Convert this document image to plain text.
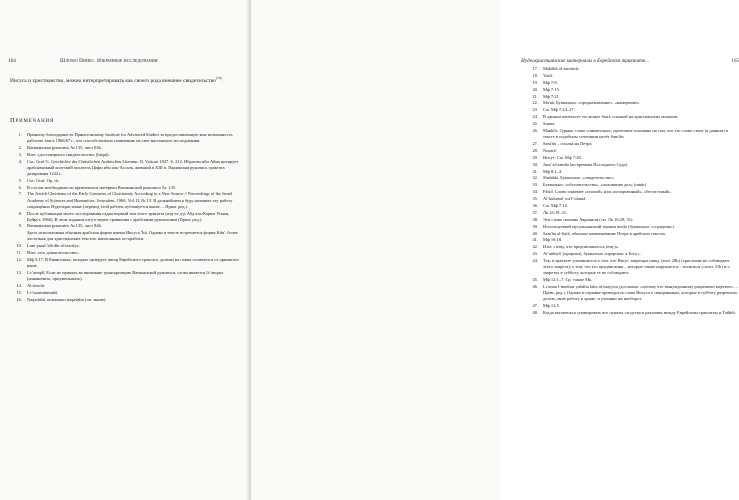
164	Шломо Пинес. Избранные исследования

Иисуса и христианство, можно интерпретировать как своего рода внешнее свидетельство$^{(78)}$.

Примечания
1.	Приношу благодарность Принстонскому Institute for Advanced Studies за предоставленную мне возможность работать там в 1966/67 г., что способствовало появлению на свет настоящего исследования.
2.	Ватиканская рукопись Ar.135, лист 84b.
3.	Или: «достоверного свидетельства» (bāqal).
4.	См.: Graf G. Geschichte der Christlichen Arabischen Literatur. II, Vatican 1947. S. 212. Ибрагим ибн Айна цитирует арабоязычный коптский писатель Цифи ибн аль-Ассаль, живший в XIII в. Парижская рукопись трактата датирована 1222 г.
5.	См.: Graf. Op. cit.
6.	В случае необходимости привлекался материал Ватиканской рукописи Ar. 135.
7.	The Jewish Christians of the Early Centuries of Christianity According to a New Source // Proceedings of the Israel Academy of Sciences and Humanities. Jerusalem, 1966. Vol. II, № 13. В дальнейшем я буду называть эту работу сокращённо Иудеохристиане (перевод этой работы публикуется выше. – Прим. ред.).
8.	После публикации моего исследования издан первый том этого трактата (изд-ть д-р Абд аль-Карим Усман, Бейрут, 1966). В этом издании отсутствуют сравнения с арабскими рукописями (Прим. ред.).
9.	Ватиканская рукопись Ar.135, лист 84b.
Здесь использована обычная арабская форма имени Иисуса 'Īsā. Однако в тексте встречается форма Kūn', более частотная для христианских текстов, написанных по-арабски.
10.	Lam yazal 'alā dīn al-tawrīya.
11.	Или: «его дошагательство».
12.	Мф 5:17. В Евангелиях, которые цитирует автор Еврейского трактата, делены на главы отличается от принятого ныне.
13.	Li-'amqāl. Если не принять во внимание транскрипцию Ватиканской рукописи, слово является li-'anqasa (изнаничить, приуменьшать).
14.	Al-tawrāt.
15.	Li-'usammimuhū.
16.	Naqaḍahū, возможно naqadahu (см. выше).
Иудеохристианские материалы в Еврейском трактате...	165
17.	Maḥākīt al-samāwīt.
18.	Yasū'.
19.	Мф 7:8.
20.	Мф 7:15.
21.	Мф 7:21.
22.	Ma'nā. Буквально: «предназначение», «намерение».
23.	См. Мф 7:24–27.
24.	В данном контексте это может быть ссылкой на христианских монахов.
25.	Sunna.
26.	Mankī'a. Однако слово сомнительно; прочтение основано на том, что это слово стоит (в данном) в тексте в подобном сочетании несёт Sam'ān
27.	Sam'ān – ссылка на Петра.
28.	Nuṣarā'.
29.	Иисус. См. Мф 7:28.
30.	Jaza' al-zamān (во времена Последнего Суда).
31.	Мф 8:1–4.
32.	Shahāda. Буквально: «свидетельство».
33.	Буквально: «обстоятельства», «положение дел» (umūr).
34.	Fāsid. Слово означает «плохой» или «испорченный», «бесчестный».
35.	Al-hukamā' wa'l-'ulamā'.
36.	См. Мф 7:12.
37.	Лк 16:19–31.
38.	Эти слова сказаны Авраамом (см. Лк 16:29, 31).
39.	Используемый мусульманский термин inzila (буквально: «спущенн»).
40.	Sam'ān al-Ṣafā, обычное наименование Петра в арабских текстах.
41.	Мф 16:18.
42.	Или: «тому, что предписывалось (ему)».
43.	Al-anbiyā' (пророки), буквально «пророки» к Богу».
44.	Так, в трактате упоминается о том, что Иисус запрещал пищу (лист 28b) (христиане не соблюдают этого запрета); о том, что его предписания – которые также нарушается – молиться («лист 31b) и о запретах в субботу, которые те не соблюдают.
45.	Мф 12:1–7. Ср. также Мк.
46.	Li-anna l-mudtarr yubāhu lahu al-mayyita (дословно: «потому что вынужденному разрешено мертвое». – Прим. ред.). Однако в отрывке приводится слова Иисуса о священниках, которые в субботу разрешено делать свою работу в храме, и ученики же наоборот.
47.	Мф 12:5.
48.	Когда пытаешься суммировать все пункты сходства и различия между Еврейским трактатом и Tathbīt.
